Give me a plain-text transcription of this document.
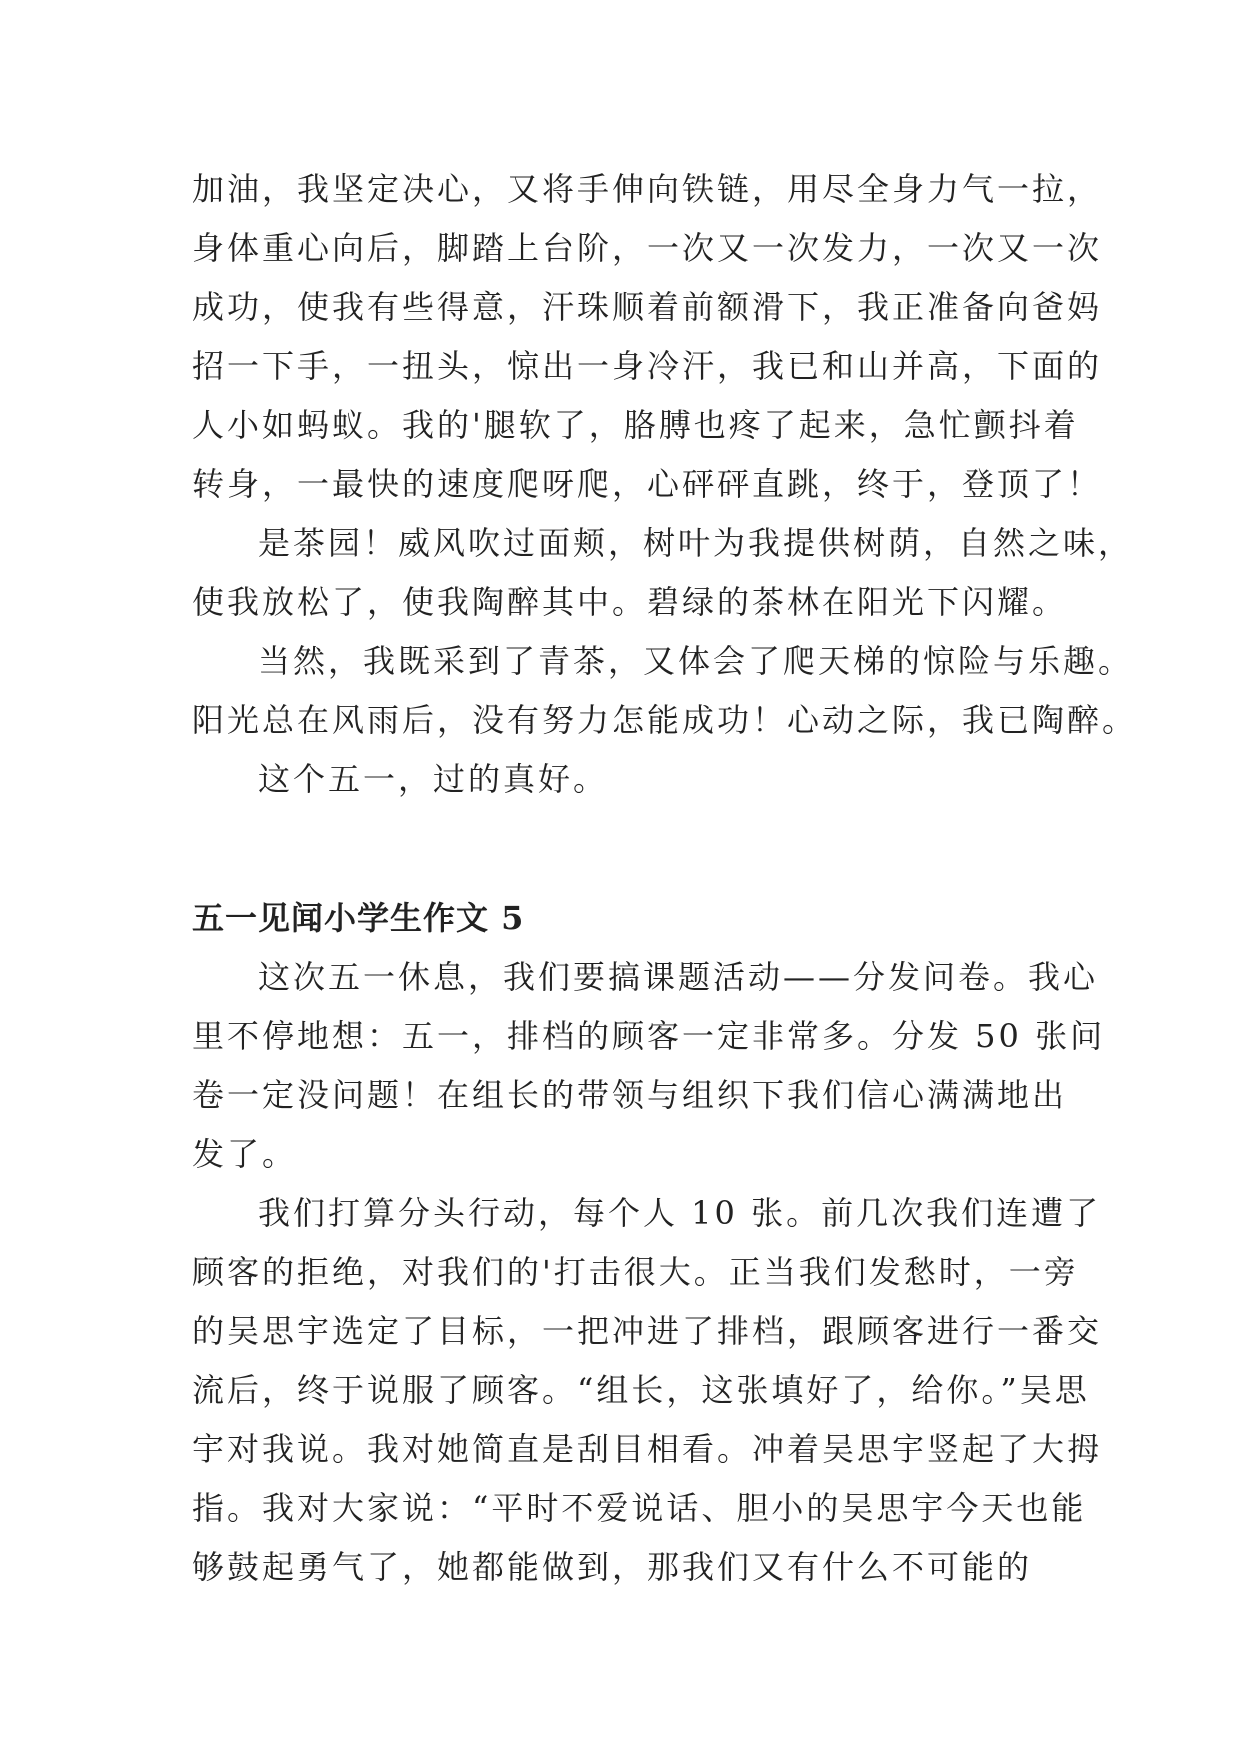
加油，我坚定决心，又将手伸向铁链，用尽全身力气一拉，
身体重心向后，脚踏上台阶，一次又一次发力，一次又一次
成功，使我有些得意，汗珠顺着前额滑下，我正准备向爸妈
招一下手，一扭头，惊出一身冷汗，我已和山并高，下面的
人小如蚂蚁。我的'腿软了，胳膊也疼了起来，急忙颤抖着
转身，一最快的速度爬呀爬，心砰砰直跳，终于，登顶了！

是茶园！威风吹过面颊，树叶为我提供树荫，自然之味，
使我放松了，使我陶醉其中。碧绿的茶林在阳光下闪耀。

当然，我既采到了青茶，又体会了爬天梯的惊险与乐趣。
阳光总在风雨后，没有努力怎能成功！心动之际，我已陶醉。

这个五一，过的真好。

五一见闻小学生作文 5

这次五一休息，我们要搞课题活动——分发问卷。我心
里不停地想：五一，排档的顾客一定非常多。分发 50 张问
卷一定没问题！在组长的带领与组织下我们信心满满地出
发了。

我们打算分头行动，每个人 10 张。前几次我们连遭了
顾客的拒绝，对我们的'打击很大。正当我们发愁时，一旁
的吴思宇选定了目标，一把冲进了排档，跟顾客进行一番交
流后，终于说服了顾客。“组长，这张填好了，给你。”吴思
宇对我说。我对她简直是刮目相看。冲着吴思宇竖起了大拇
指。我对大家说：“平时不爱说话、胆小的吴思宇今天也能
够鼓起勇气了，她都能做到，那我们又有什么不可能的
